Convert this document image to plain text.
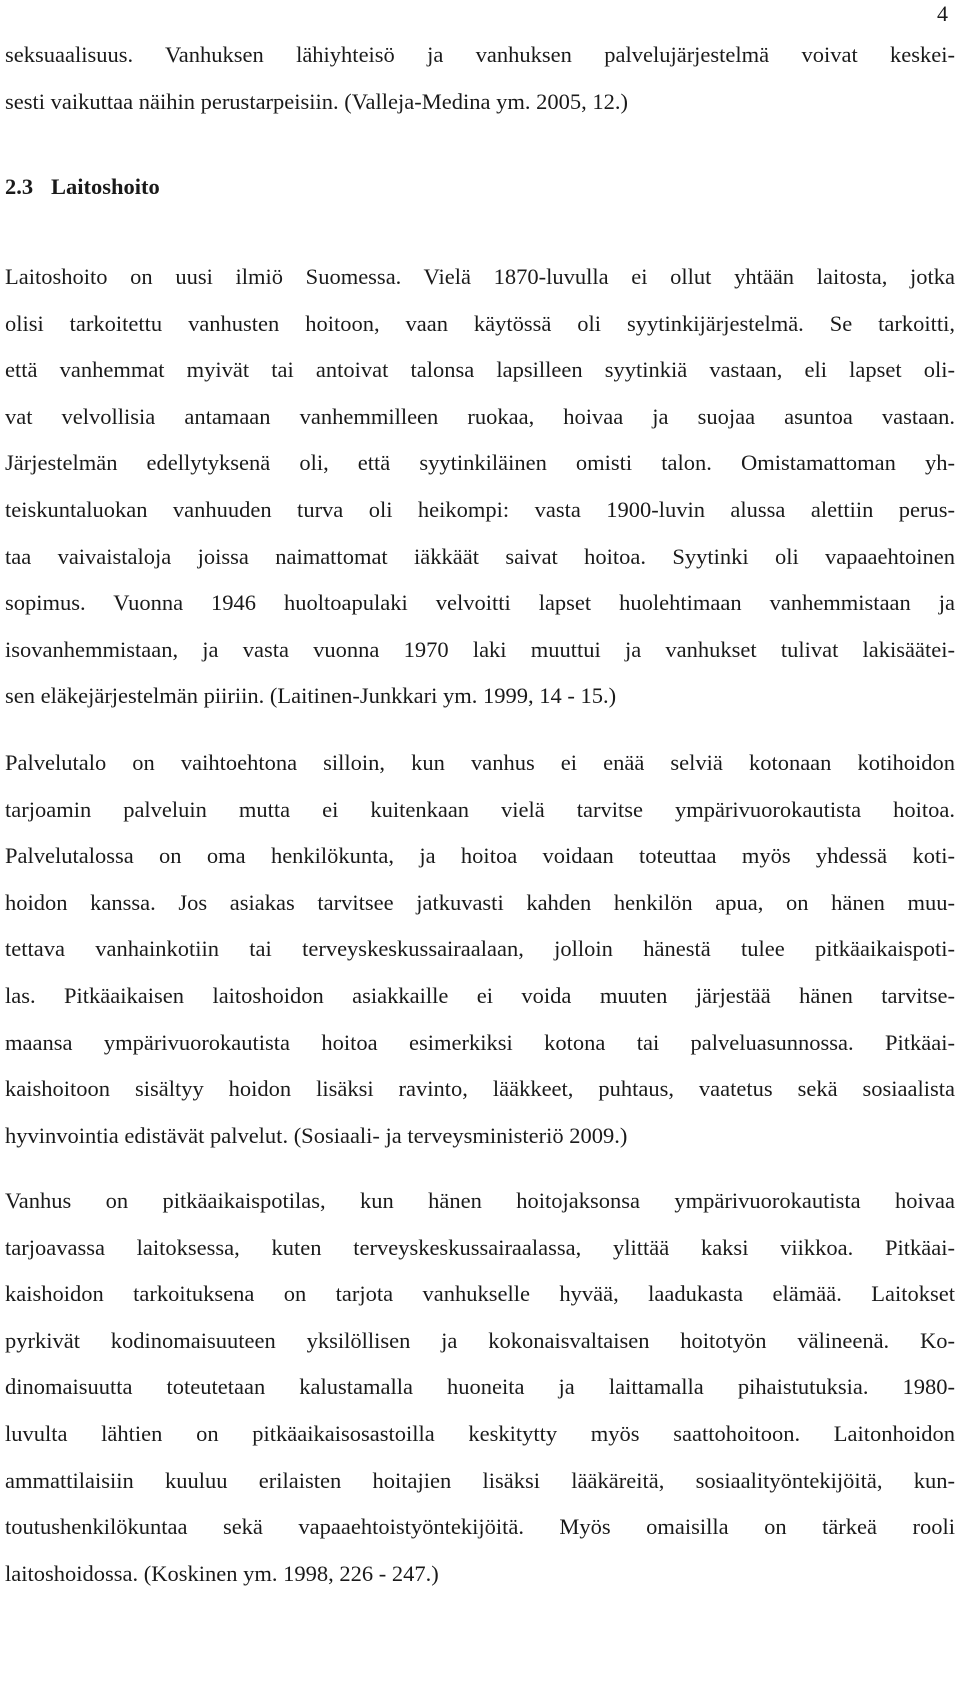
4
seksuaalisuus. Vanhuksen lähiyhteisö ja vanhuksen palvelujärjestelmä voivat keskei-
sesti vaikuttaa näihin perustarpeisiin. (Valleja-Medina ym. 2005, 12.)
2.3 Laitoshoito
Laitoshoito on uusi ilmiö Suomessa. Vielä 1870-luvulla ei ollut yhtään laitosta, jotka
olisi tarkoitettu vanhusten hoitoon, vaan käytössä oli syytinkijärjestelmä. Se tarkoitti,
että vanhemmat myivät tai antoivat talonsa lapsilleen syytinkiä vastaan, eli lapset oli-
vat velvollisia antamaan vanhemmilleen ruokaa, hoivaa ja suojaa asuntoa vastaan.
Järjestelmän edellytyksenä oli, että syytinkiläinen omisti talon. Omistamattoman yh-
teiskuntaluokan vanhuuden turva oli heikompi: vasta 1900-luvin alussa alettiin perus-
taa vaivaistaloja joissa naimattomat iäkkäät saivat hoitoa. Syytinki oli vapaaehtoinen
sopimus. Vuonna 1946 huoltoapulaki velvoitti lapset huolehtimaan vanhemmistaan ja
isovanhemmistaan, ja vasta vuonna 1970 laki muuttui ja vanhukset tulivat lakisäätei-
sen eläkejärjestelmän piiriin. (Laitinen-Junkkari ym. 1999, 14 - 15.)
Palvelutalo on vaihtoehtona silloin, kun vanhus ei enää selviä kotonaan kotihoidon
tarjoamin palveluin mutta ei kuitenkaan vielä tarvitse ympärivuorokautista hoitoa.
Palvelutalossa on oma henkilökunta, ja hoitoa voidaan toteuttaa myös yhdessä koti-
hoidon kanssa. Jos asiakas tarvitsee jatkuvasti kahden henkilön apua, on hänen muu-
tettava vanhainkotiin tai terveyskeskussairaalaan, jolloin hänestä tulee pitkäaikaispoti-
las. Pitkäaikaisen laitoshoidon asiakkaille ei voida muuten järjestää hänen tarvitse-
maansa ympärivuorokautista hoitoa esimerkiksi kotona tai palveluasunnossa. Pitkäai-
kaishoitoon sisältyy hoidon lisäksi ravinto, lääkkeet, puhtaus, vaatetus sekä sosiaalista
hyvinvointia edistävät palvelut. (Sosiaali- ja terveysministeriö 2009.)
Vanhus on pitkäaikaispotilas, kun hänen hoitojaksonsa ympärivuorokautista hoivaa
tarjoavassa laitoksessa, kuten terveyskeskussairaalassa, ylittää kaksi viikkoa. Pitkäai-
kaishoidon tarkoituksena on tarjota vanhukselle hyvää, laadukasta elämää. Laitokset
pyrkivät kodinomaisuuteen yksilöllisen ja kokonaisvaltaisen hoitotyön välineenä. Ko-
dinomaisuutta toteutetaan kalustamalla huoneita ja laittamalla pihaistutuksia. 1980-
luvulta lähtien on pitkäaikaisosastoilla keskitytty myös saattohoitoon. Laitonhoidon
ammattilaisiin kuuluu erilaisten hoitajien lisäksi lääkäreitä, sosiaalityöntekijöitä, kun-
toutushenkilökuntaa sekä vapaaehtoistyöntekijöitä. Myös omaisilla on tärkeä rooli
laitoshoidossa. (Koskinen ym. 1998, 226 - 247.)
